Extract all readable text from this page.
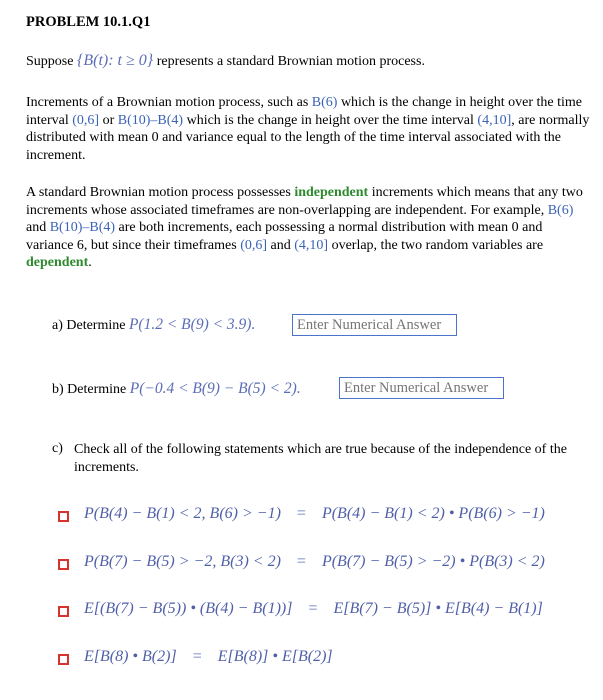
PROBLEM 10.1.Q1
Suppose {B(t): t ≥ 0} represents a standard Brownian motion process.
Increments of a Brownian motion process, such as B(6) which is the change in height over the time interval (0,6] or B(10)–B(4) which is the change in height over the time interval (4,10], are normally distributed with mean 0 and variance equal to the length of the time interval associated with the increment.
A standard Brownian motion process possesses independent increments which means that any two increments whose associated timeframes are non-overlapping are independent. For example, B(6) and B(10)–B(4) are both increments, each possessing a normal distribution with mean 0 and variance 6, but since their timeframes (0,6] and (4,10] overlap, the two random variables are dependent.
a) Determine P(1.2 < B(9) < 3.9).
Enter Numerical Answer
b) Determine P(−0.4 < B(9) − B(5) < 2).
Enter Numerical Answer
c) Check all of the following statements which are true because of the independence of the increments.
P(B(4) − B(1) < 2, B(6) > −1) = P(B(4) − B(1) < 2) • P(B(6) > −1)
P(B(7) − B(5) > −2, B(3) < 2) = P(B(7) − B(5) > −2) • P(B(3) < 2)
E[(B(7) − B(5)) • (B(4) − B(1))] = E[B(7) − B(5)] • E[B(4) − B(1)]
E[B(8) • B(2)] = E[B(8)] • E[B(2)]
